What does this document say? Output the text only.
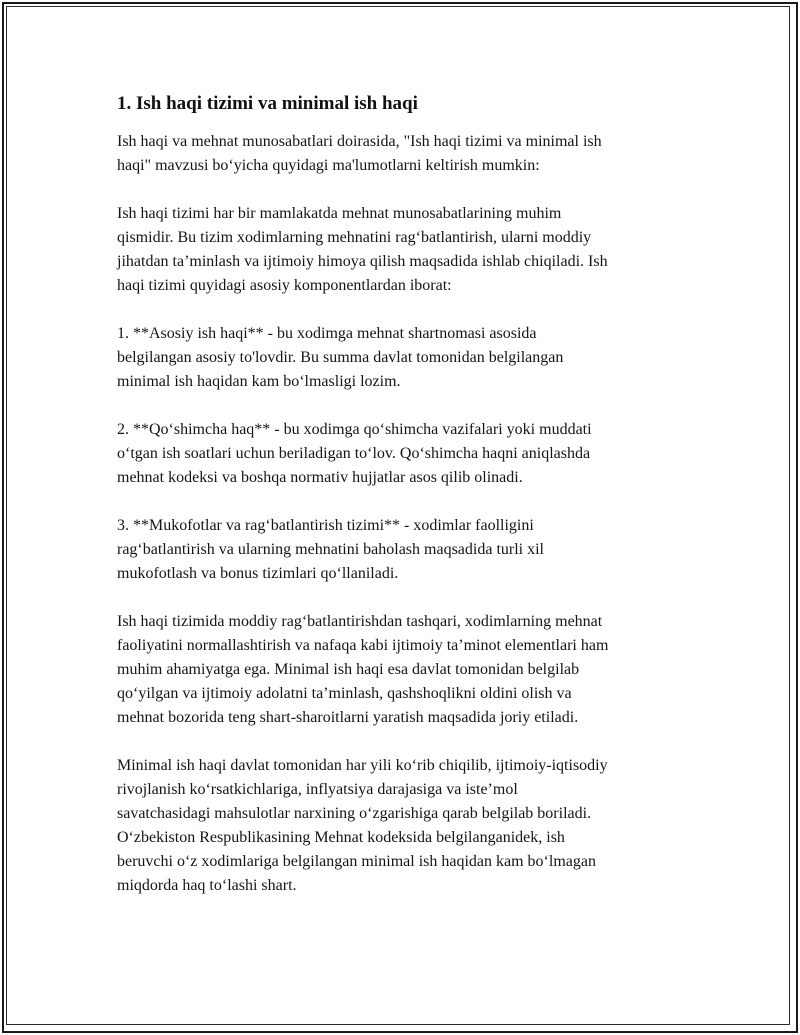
1. Ish haqi tizimi va minimal ish haqi

Ish haqi va mehnat munosabatlari doirasida, "Ish haqi tizimi va minimal ish
haqi" mavzusi bo‘yicha quyidagi ma'lumotlarni keltirish mumkin:

Ish haqi tizimi har bir mamlakatda mehnat munosabatlarining muhim
qismidir. Bu tizim xodimlarning mehnatini rag‘batlantirish, ularni moddiy
jihatdan ta’minlash va ijtimoiy himoya qilish maqsadida ishlab chiqiladi. Ish
haqi tizimi quyidagi asosiy komponentlardan iborat:

1. **Asosiy ish haqi** - bu xodimga mehnat shartnomasi asosida
belgilangan asosiy to'lovdir. Bu summa davlat tomonidan belgilangan
minimal ish haqidan kam bo‘lmasligi lozim.

2. **Qo‘shimcha haq** - bu xodimga qo‘shimcha vazifalari yoki muddati
o‘tgan ish soatlari uchun beriladigan to‘lov. Qo‘shimcha haqni aniqlashda
mehnat kodeksi va boshqa normativ hujjatlar asos qilib olinadi.

3. **Mukofotlar va rag‘batlantirish tizimi** - xodimlar faolligini
rag‘batlantirish va ularning mehnatini baholash maqsadida turli xil
mukofotlash va bonus tizimlari qo‘llaniladi.

Ish haqi tizimida moddiy rag‘batlantirishdan tashqari, xodimlarning mehnat
faoliyatini normallashtirish va nafaqa kabi ijtimoiy ta’minot elementlari ham
muhim ahamiyatga ega. Minimal ish haqi esa davlat tomonidan belgilab
qo‘yilgan va ijtimoiy adolatni ta’minlash, qashshoqlikni oldini olish va
mehnat bozorida teng shart-sharoitlarni yaratish maqsadida joriy etiladi.

Minimal ish haqi davlat tomonidan har yili ko‘rib chiqilib, ijtimoiy-iqtisodiy
rivojlanish ko‘rsatkichlariga, inflyatsiya darajasiga va iste’mol
savatchasidagi mahsulotlar narxining o‘zgarishiga qarab belgilab boriladi.
O‘zbekiston Respublikasining Mehnat kodeksida belgilanganidek, ish
beruvchi o‘z xodimlariga belgilangan minimal ish haqidan kam bo‘lmagan
miqdorda haq to‘lashi shart.
